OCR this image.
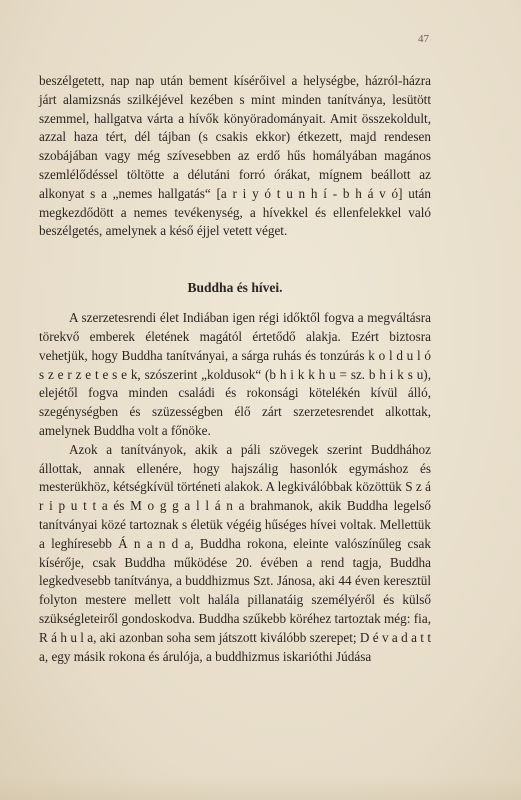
47

beszélgetett, nap nap után bement kísérőivel a helységbe, házról-házra járt alamizsnás szilkéjével kezében s mint minden tanítványa, lesütött szemmel, hallgatva várta a hívők könyöradományait. Amit összekoldult, azzal haza tért, dél tájban (s csakis ekkor) étkezett, majd rendesen szobájában vagy még szívesebben az erdő hűs homályában magános szemlélődéssel töltötte a délutáni forró órákat, mígnem beállott az alkonyat s a „nemes hallgatás“ [a r i y ó t u n h í - b h á v ó] után megkezdődött a nemes tevékenység, a hívekkel és ellenfelekkel való beszélgetés, amelynek a késő éjjel vetett véget.

Buddha és hívei.

A szerzetesrendi élet Indiában igen régi időktől fogva a megváltásra törekvő emberek életének magától értetődő alakja. Ezért biztosra vehetjük, hogy Buddha tanítványai, a sárga ruhás és tonzúrás k o l d u l ó s z e r z e t e s e k, szószerint „koldusok“ (b h i k k h u = sz. b h i k s u), elejétől fogva minden családi és rokonsági kötelékén kívül álló, szegénységben és szüzességben élő zárt szerzetesrendet alkottak, amelynek Buddha volt a főnöke.

Azok a tanítványok, akik a páli szövegek szerint Buddhához állottak, annak ellenére, hogy hajszálig hasonlók egymáshoz és mesterükhöz, kétségkívül történeti alakok. A legkiválóbbak közöttük S z á r i p u t t a és M o g g a l l á n a brahmanok, akik Buddha legelső tanítványai közé tartoznak s életük végéig hűséges hívei voltak. Mellettük a leghíresebb Á n a n d a, Buddha rokona, eleinte valószínűleg csak kísérője, csak Buddha működése 20. évében a rend tagja, Buddha legkedvesebb tanítványa, a buddhizmus Szt. Jánosa, aki 44 éven keresztül folyton mestere mellett volt halála pillanatáig személyéről és külső szükségleteiről gondoskodva. Buddha szűkebb köréhez tartoztak még: fia, R á h u l a, aki azonban soha sem játszott kiválóbb szerepet; D é v a d a t t a, egy másik rokona és árulója, a buddhizmus iskarióthi Júdása
